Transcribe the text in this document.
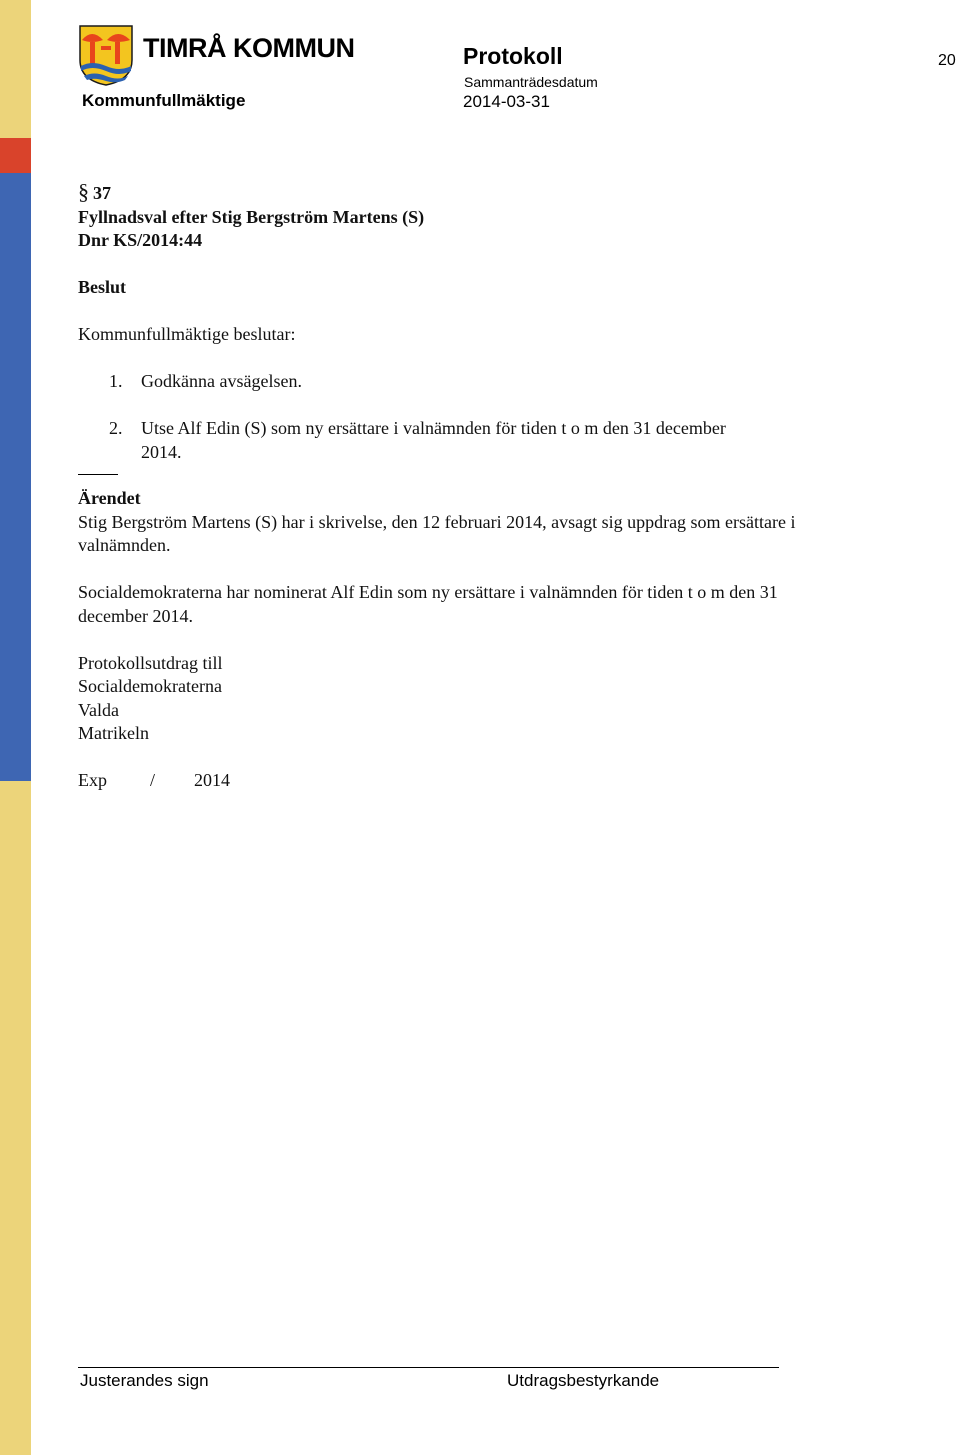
TIMRÅ KOMMUN
Kommunfullmäktige
Protokoll
Sammanträdesdatum
2014-03-31
20
§ 37
Fyllnadsval efter Stig Bergström Martens (S)
Dnr KS/2014:44

Beslut

Kommunfullmäktige beslutar:

1. Godkänna avsägelsen.
2. Utse Alf Edin (S) som ny ersättare i valnämnden för tiden t o m den 31 december 2014.

Ärendet

Stig Bergström Martens (S) har i skrivelse, den 12 februari 2014, avsagt sig uppdrag som ersättare i valnämnden.

Socialdemokraterna har nominerat Alf Edin som ny ersättare i valnämnden för tiden t o m den 31 december 2014.

Protokollsutdrag till

Socialdemokraterna

Valda

Matrikeln

Exp	/	2014
Justerandes sign	Utdragsbestyrkande
